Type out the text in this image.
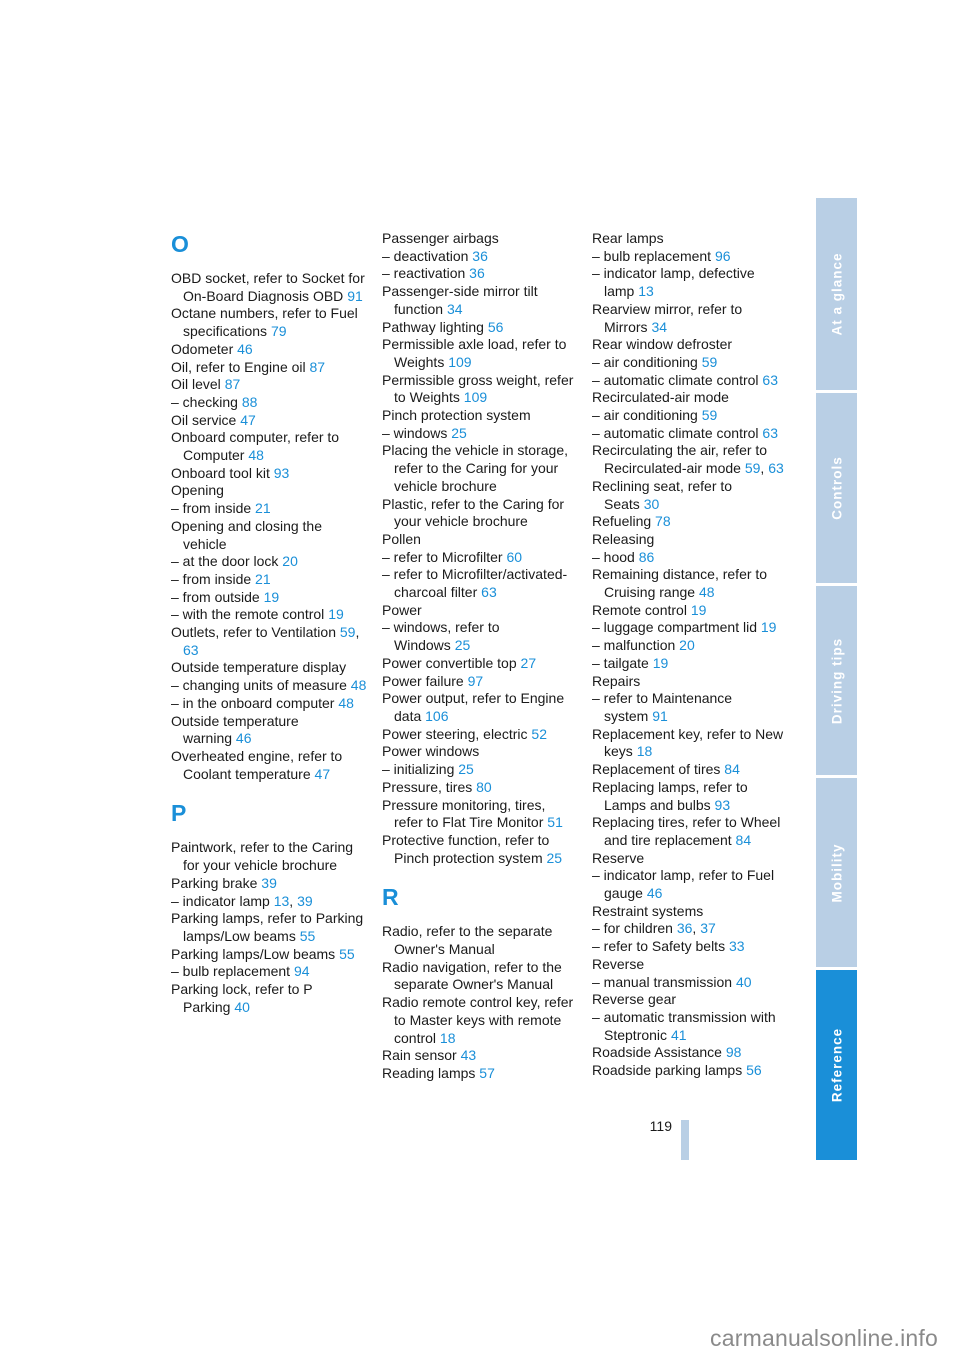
O
OBD socket, refer to Socket for On-Board Diagnosis OBD 91
Octane numbers, refer to Fuel specifications 79
Odometer 46
Oil, refer to Engine oil 87
Oil level 87
– checking 88
Oil service 47
Onboard computer, refer to Computer 48
Onboard tool kit 93
Opening
– from inside 21
Opening and closing the vehicle
– at the door lock 20
– from inside 21
– from outside 19
– with the remote control 19
Outlets, refer to Ventilation 59, 63
Outside temperature display
– changing units of measure 48
– in the onboard computer 48
Outside temperature warning 46
Overheated engine, refer to Coolant temperature 47
P
Paintwork, refer to the Caring for your vehicle brochure
Parking brake 39
– indicator lamp 13, 39
Parking lamps, refer to Parking lamps/Low beams 55
Parking lamps/Low beams 55
– bulb replacement 94
Parking lock, refer to P Parking 40
Passenger airbags
– deactivation 36
– reactivation 36
Passenger-side mirror tilt function 34
Pathway lighting 56
Permissible axle load, refer to Weights 109
Permissible gross weight, refer to Weights 109
Pinch protection system
– windows 25
Placing the vehicle in storage, refer to the Caring for your vehicle brochure
Plastic, refer to the Caring for your vehicle brochure
Pollen
– refer to Microfilter 60
– refer to Microfilter/activated-charcoal filter 63
Power
– windows, refer to Windows 25
Power convertible top 27
Power failure 97
Power output, refer to Engine data 106
Power steering, electric 52
Power windows
– initializing 25
Pressure, tires 80
Pressure monitoring, tires, refer to Flat Tire Monitor 51
Protective function, refer to Pinch protection system 25
R
Radio, refer to the separate Owner's Manual
Radio navigation, refer to the separate Owner's Manual
Radio remote control key, refer to Master keys with remote control 18
Rain sensor 43
Reading lamps 57
Rear lamps
– bulb replacement 96
– indicator lamp, defective lamp 13
Rearview mirror, refer to Mirrors 34
Rear window defroster
– air conditioning 59
– automatic climate control 63
Recirculated-air mode
– air conditioning 59
– automatic climate control 63
Recirculating the air, refer to Recirculated-air mode 59, 63
Reclining seat, refer to Seats 30
Refueling 78
Releasing
– hood 86
Remaining distance, refer to Cruising range 48
Remote control 19
– luggage compartment lid 19
– malfunction 20
– tailgate 19
Repairs
– refer to Maintenance system 91
Replacement key, refer to New keys 18
Replacement of tires 84
Replacing lamps, refer to Lamps and bulbs 93
Replacing tires, refer to Wheel and tire replacement 84
Reserve
– indicator lamp, refer to Fuel gauge 46
Restraint systems
– for children 36, 37
– refer to Safety belts 33
Reverse
– manual transmission 40
Reverse gear
– automatic transmission with Steptronic 41
Roadside Assistance 98
Roadside parking lamps 56
At a glance
Controls
Driving tips
Mobility
Reference
119
carmanualsonline.info
